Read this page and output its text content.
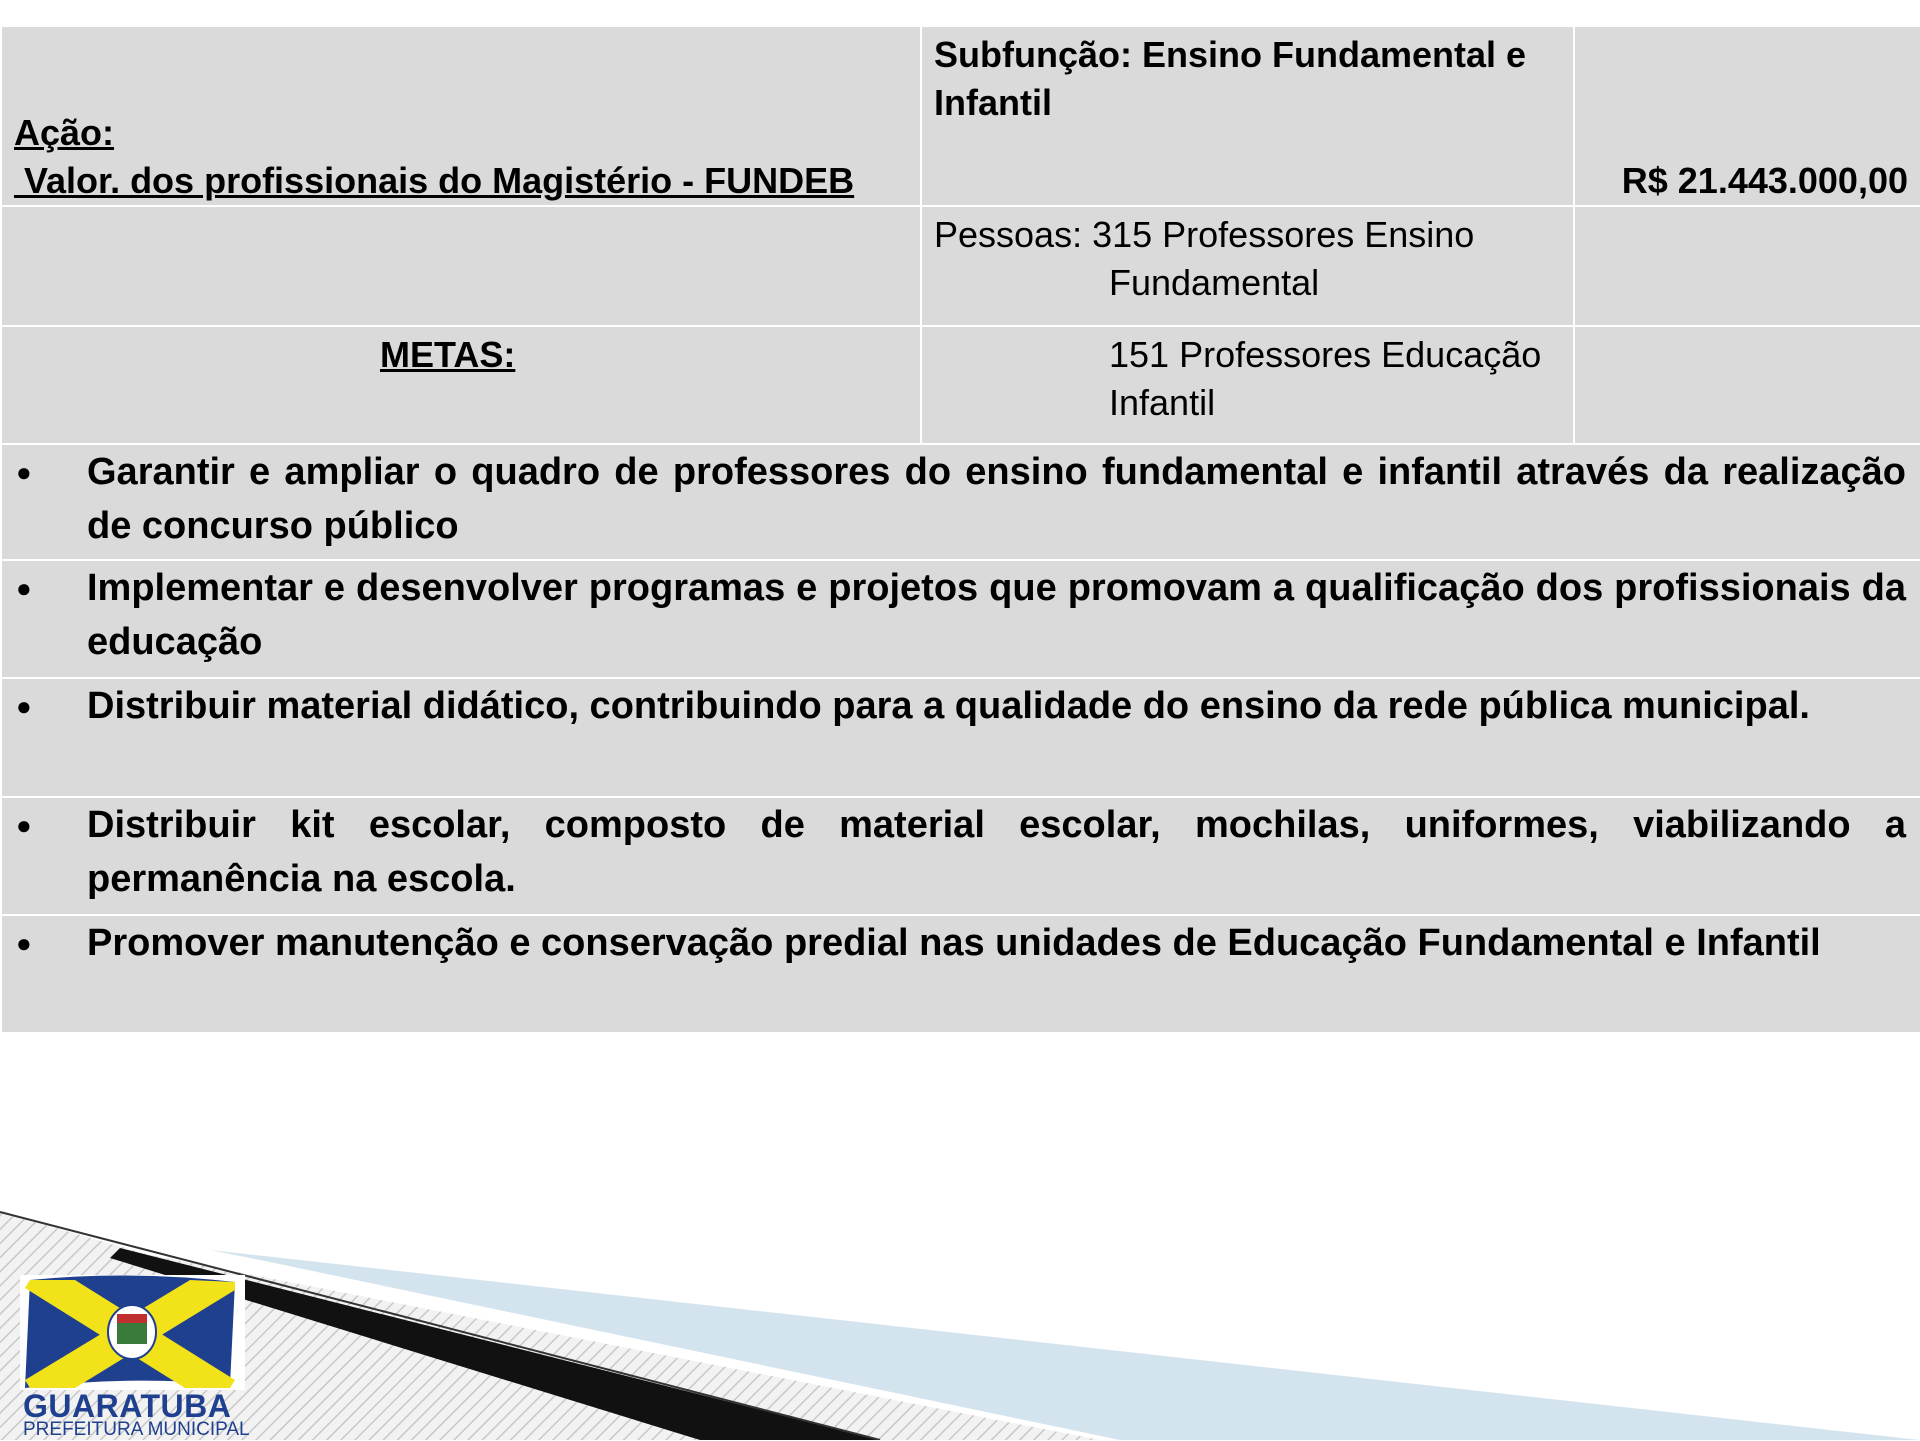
Ação:
Valor. dos profissionais do Magistério - FUNDEB	Subfunção: Ensino Fundamental e Infantil	R$ 21.443.000,00

	Pessoas: 315 Professores Ensino
Fundamental	

METAS:	151 Professores Educação
Infantil	

● Garantir e ampliar o quadro de professores do ensino fundamental e infantil através da realização de concurso público		

● Implementar e desenvolver programas e projetos que promovam a qualificação dos profissionais da educação		

● Distribuir material didático, contribuindo para a qualidade do ensino da rede pública municipal.		

● Distribuir kit escolar, composto de material escolar, mochilas, uniformes, viabilizando a permanência na escola.		

● Promover manutenção e conservação predial nas unidades de Educação Fundamental e Infantil		
GUARATUBA
PREFEITURA MUNICIPAL
